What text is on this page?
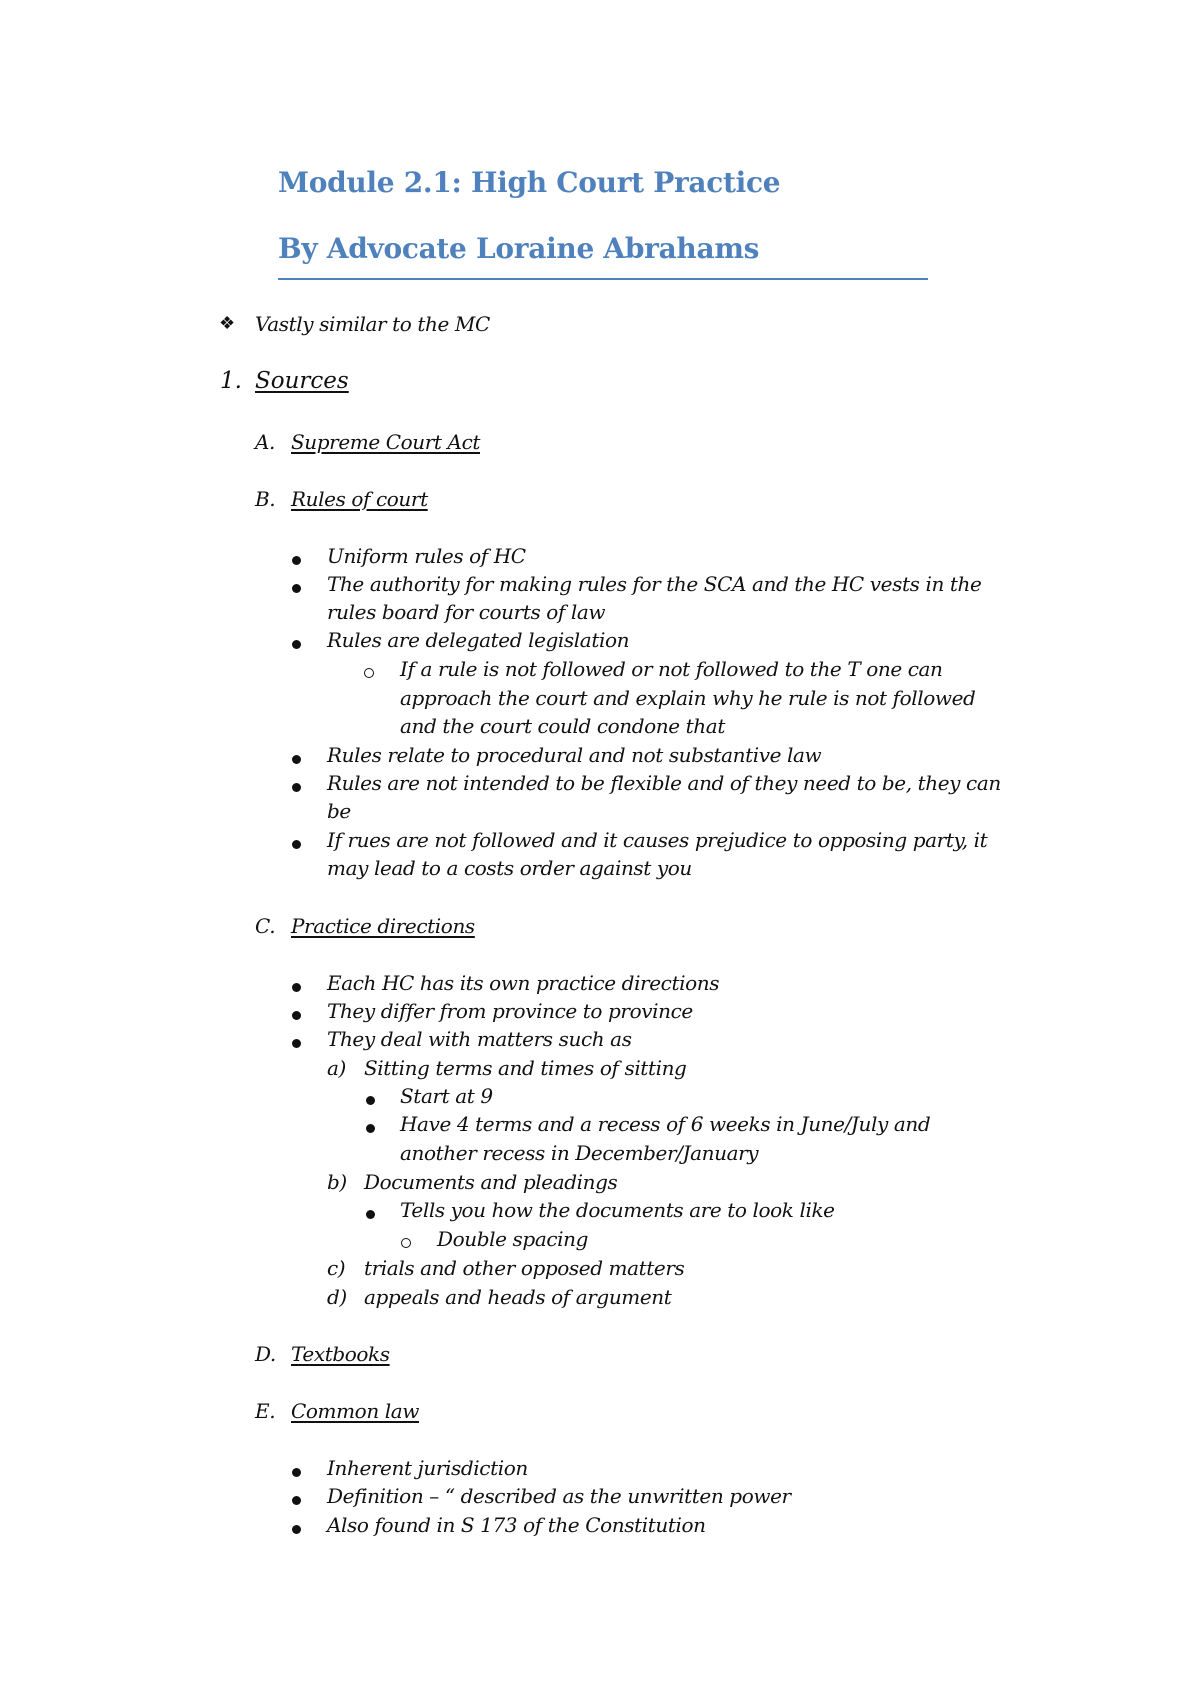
Module 2.1: High Court Practice
By Advocate Loraine Abrahams
❖ Vastly similar to the MC
1. Sources
A. Supreme Court Act
B. Rules of court
Uniform rules of HC
The authority for making rules for the SCA and the HC vests in the
rules board for courts of law
Rules are delegated legislation
If a rule is not followed or not followed to the T one can
approach the court and explain why he rule is not followed
and the court could condone that
Rules relate to procedural and not substantive law
Rules are not intended to be flexible and of they need to be, they can
be
If rues are not followed and it causes prejudice to opposing party, it
may lead to a costs order against you
C. Practice directions
Each HC has its own practice directions
They differ from province to province
They deal with matters such as
a) Sitting terms and times of sitting
Start at 9
Have 4 terms and a recess of 6 weeks in June/July and
another recess in December/January
b) Documents and pleadings
Tells you how the documents are to look like
Double spacing
c) trials and other opposed matters
d) appeals and heads of argument
D. Textbooks
E. Common law
Inherent jurisdiction
Definition – “ described as the unwritten power
Also found in S 173 of the Constitution
